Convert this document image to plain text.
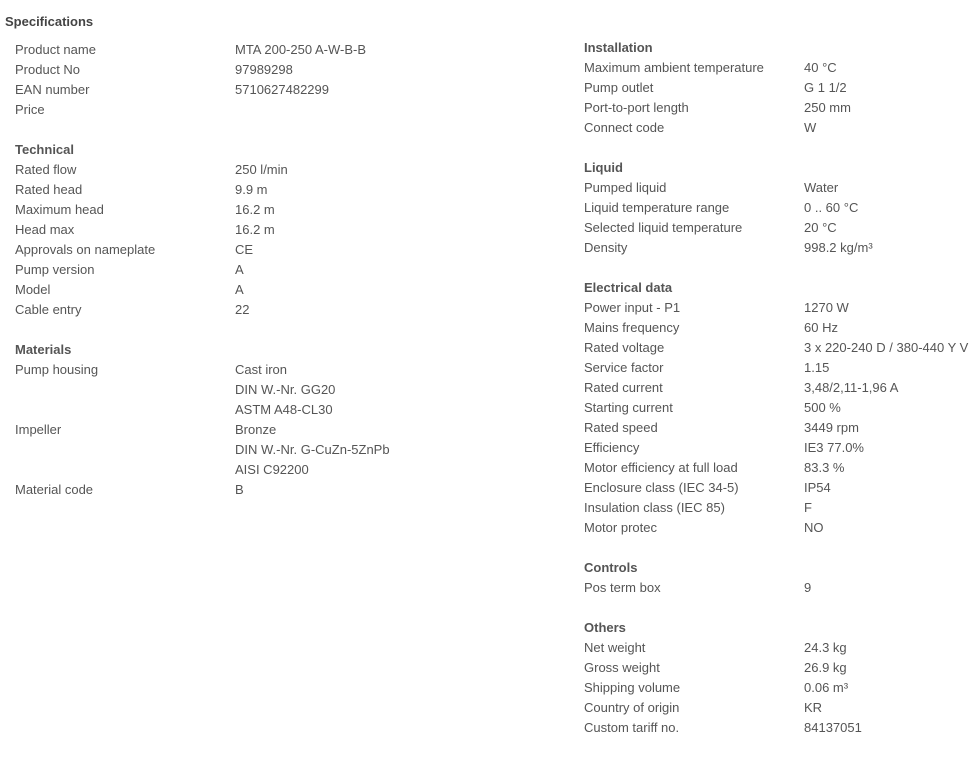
Specifications
Product name	MTA 200-250 A-W-B-B
Product No	97989298
EAN number	5710627482299
Price
Technical
Rated flow	250 l/min
Rated head	9.9 m
Maximum head	16.2 m
Head max	16.2 m
Approvals on nameplate	CE
Pump version	A
Model	A
Cable entry	22
Materials
Pump housing	Cast iron
DIN W.-Nr. GG20
ASTM A48-CL30
Impeller	Bronze
DIN W.-Nr. G-CuZn-5ZnPb
AISI C92200
Material code	B
Installation
Maximum ambient temperature	40 °C
Pump outlet	G 1 1/2
Port-to-port length	250 mm
Connect code	W
Liquid
Pumped liquid	Water
Liquid temperature range	0 .. 60 °C
Selected liquid temperature	20 °C
Density	998.2 kg/m³
Electrical data
Power input - P1	1270 W
Mains frequency	60 Hz
Rated voltage	3 x 220-240 D / 380-440 Y V
Service factor	1.15
Rated current	3,48/2,11-1,96 A
Starting current	500 %
Rated speed	3449 rpm
Efficiency	IE3 77.0%
Motor efficiency at full load	83.3 %
Enclosure class (IEC 34-5)	IP54
Insulation class (IEC 85)	F
Motor protec	NO
Controls
Pos term box	9
Others
Net weight	24.3 kg
Gross weight	26.9 kg
Shipping volume	0.06 m³
Country of origin	KR
Custom tariff no.	84137051
